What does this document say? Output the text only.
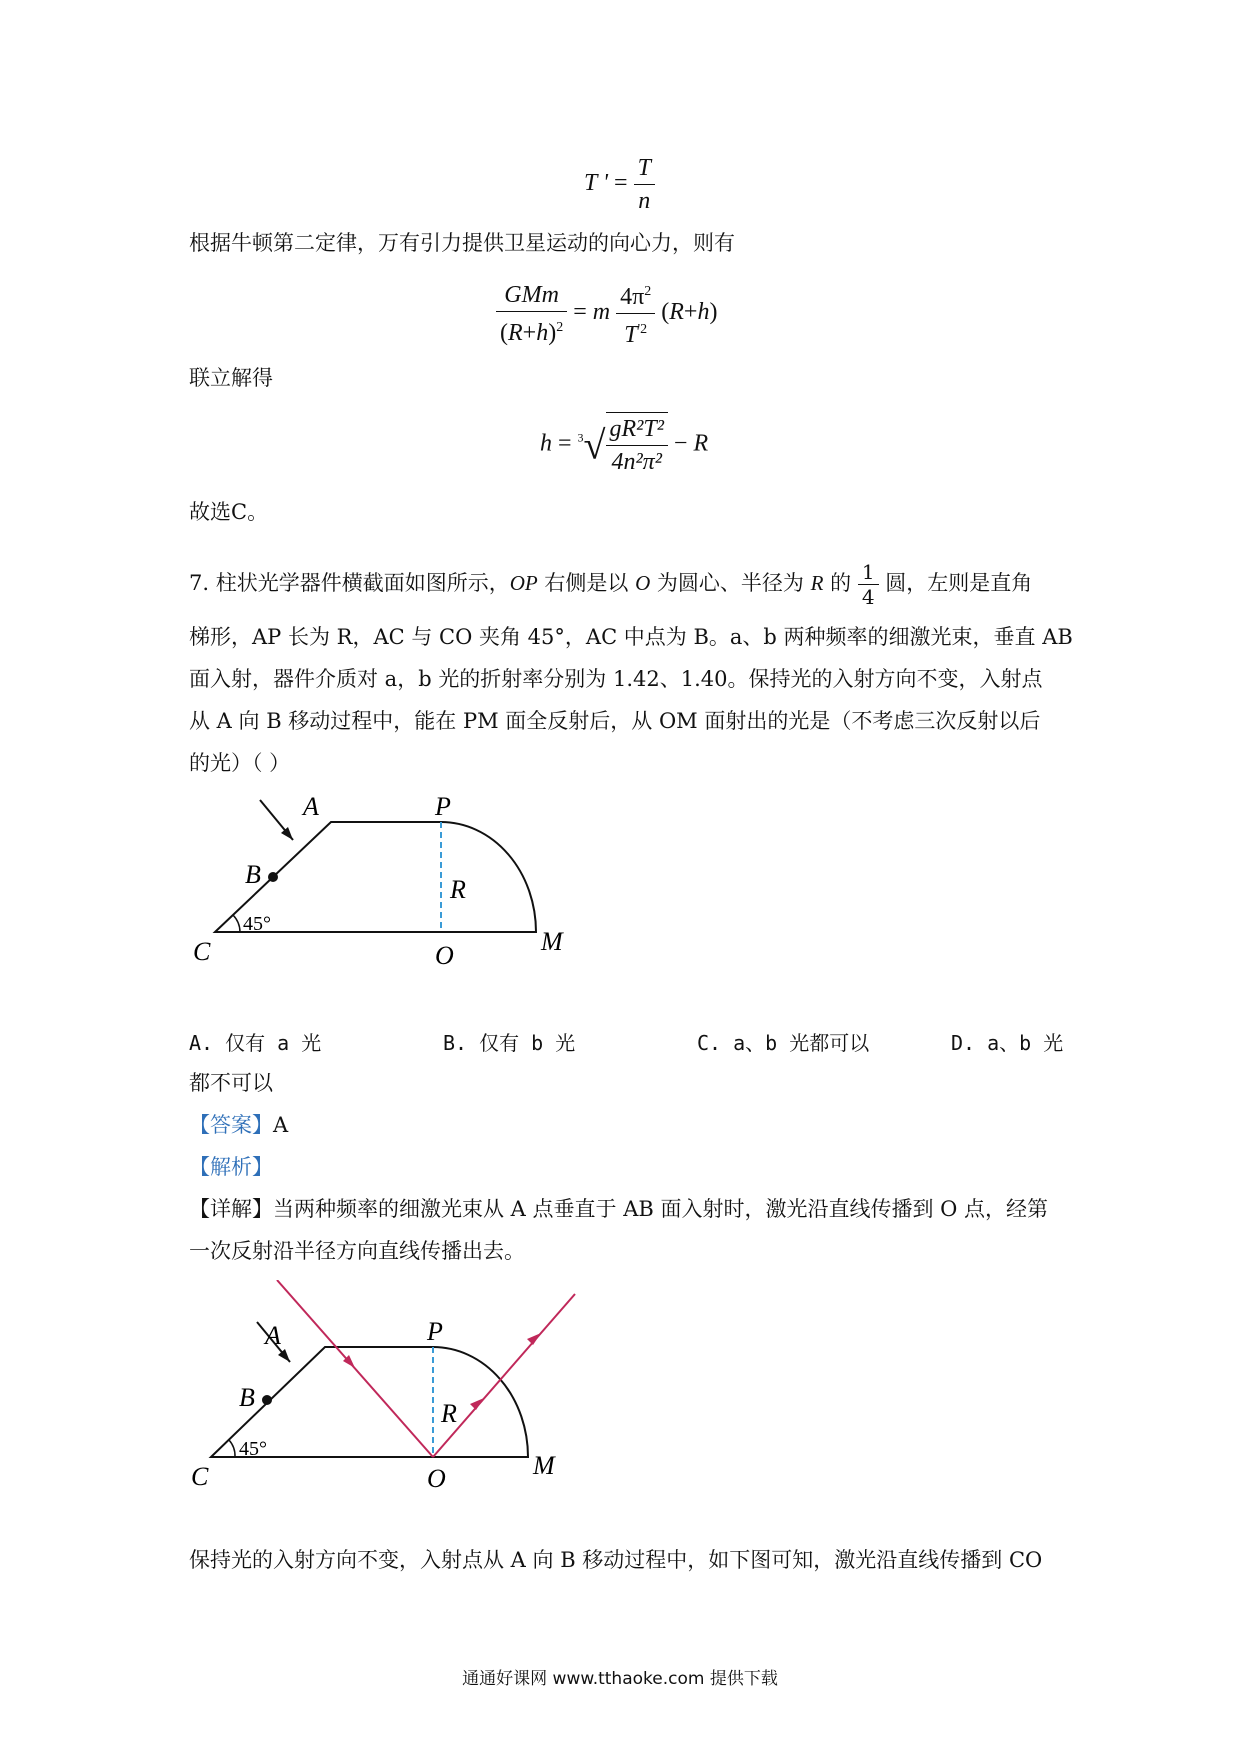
T ' = $\frac{T}{n}$
根据牛顿第二定律，万有引力提供卫星运动的向心力，则有
$\frac{\text{GMm}}{(R+h)^2} = m \frac{4\pi^2}{T^{'2}} (R+h)$
联立解得
$h = ^3√ \frac{\text{gR²T²}}{\text{4n²π²}} - R$
故选C。
7. 柱状光学器件横截面如图所示，OP 右侧是以 O 为圆心、半径为 R 的 $\frac{1}{4}$ 圆，左则是直角
梯形，AP 长为 R，AC 与 CO 夹角 45°，AC 中点为 B。a、b 两种频率的细激光束，垂直 AB
面入射，器件介质对 a，b 光的折射率分别为 1.42、1.40。保持光的入射方向不变，入射点
从 A 向 B 移动过程中，能在 PM 面全反射后，从 OM 面射出的光是（不考虑三次反射以后
的光）（ ）
A	P
B
R
45°
C	O	M
A. 仅有 a 光	B. 仅有 b 光	C. a、b 光都可以	D. a、b 光
都不可以
【答案】A
【解析】
【详解】当两种频率的细激光束从 A 点垂直于 AB 面入射时，激光沿直线传播到 O 点，经第
一次反射沿半径方向直线传播出去。
A	P
B
R
45°
C	O	M
保持光的入射方向不变，入射点从 A 向 B 移动过程中，如下图可知，激光沿直线传播到 CO
通通好课网 www.tthaoke.com 提供下载
